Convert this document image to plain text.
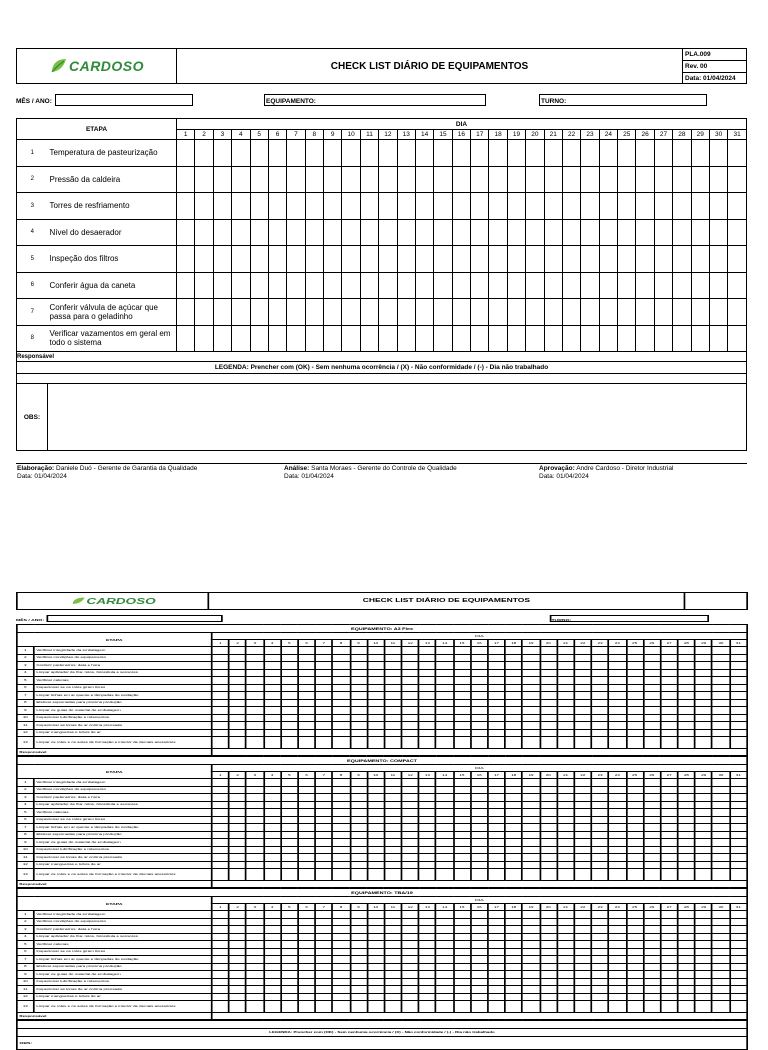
CARDOSO	CHECK LIST DIÁRIO DE EQUIPAMENTOS
PLA.009
Rev. 00
Data: 01/04/2024
MÊS / ANO:	EQUIPAMENTO:	TURNO:
ETAPA		DIA																														
		1	2	3	4	5	6	7	8	9	10	11	12	13	14	15	16	17	18	19	20	21	22	23	24	25	26	27	28	29	30	31
1	Temperatura de pasteurização																															
2	Pressão da caldeira																															
3	Torres de resfriamento																															
4	Nível do desaerador																															
5	Inspeção dos filtros																															
6	Conferir água da caneta																															
7	Conferir válvula de açúcar que passa para o geladinho																															
8	Verificar vazamentos em geral em todo o sistema																															
Responsável																																
LEGENDA: Prencher com (OK) - Sem nenhuma ocorrência / (X) - Não conformidade / (-) - Dia não trabalhado																																

OBS:																																
Elaboração: Daniele Duó - Gerente de Garantia da Qualidade
Data: 01/04/2024
Análise: Santa Moraes - Gerente do Controle de Qualidade
Data: 01/04/2024
Aprovação: Andre Cardoso - Diretor Industrial
Data: 01/04/2024
CARDOSO	CHECK LIST DIÁRIO DE EQUIPAMENTOS
MÊS / ANO:	TURNO:
EQUIPAMENTO: A3 Flex																																
ETAPA		DIA																														
		1	2	3	4	5	6	7	8	9	10	11	12	13	14	15	16	17	18	19	20	21	22	23	24	25	26	27	28	29	30	31
1	Verificar integridade da embalagem																															
2	Verificar condições do equipamento																															
3	Conferir parâmetros: data e hora																															
4	Limpar aplicador de fita: rolos, fotocélula e sensores																															
5	Verificar calunas																															
6	Inspecionar se os rolos giram livres																															
7	Limpar linhas em ar quente e lâmpadas de oxidação																															
8	Efetivar espumadas para próxima produção																															
9	Limpar os guias do material de embalagem																															
10	Inspecionar lubrificação e rolamentos																															
11	Inspecionar as lonas de ar cortina prensada																															
12	Limpar mangueiras e tubos de ar																															
13	Limpar os rolos e os antes de formação e interior de demais acessórios																															
Responsável																																
EQUIPAMENTO: COMPACT																																
ETAPA		DIA																														
		1	2	3	4	5	6	7	8	9	10	11	12	13	14	15	16	17	18	19	20	21	22	23	24	25	26	27	28	29	30	31
1	Verificar integridade da embalagem																															
2	Verificar condições do equipamento																															
3	Conferir parâmetros: data e hora																															
4	Limpar aplicador de fita: rolos, fotocélula e sensores																															
5	Verificar calunas																															
6	Inspecionar se os rolos giram livres																															
7	Limpar linhas em ar quente e lâmpadas de oxidação																															
8	Efetivar espumadas para próxima produção																															
9	Limpar os guias do material de embalagem																															
10	Inspecionar lubrificação e rolamentos																															
11	Inspecionar as lonas de ar cortina prensada																															
12	Limpar mangueiras e tubos de ar																															
13	Limpar os rolos e os antes de formação e interior de demais acessórios																															
Responsável																																
EQUIPAMENTO: TBA/19																																
ETAPA		DIA																														
		1	2	3	4	5	6	7	8	9	10	11	12	13	14	15	16	17	18	19	20	21	22	23	24	25	26	27	28	29	30	31
1	Verificar integridade da embalagem																															
2	Verificar condições do equipamento																															
3	Conferir parâmetros: data e hora																															
4	Limpar aplicador de fita: rolos, fotocélula e sensores																															
5	Verificar calunas																															
6	Inspecionar se os rolos giram livres																															
7	Limpar linhas em ar quente e lâmpadas de oxidação																															
8	Efetivar espumadas para próxima produção																															
9	Limpar os guias do material de embalagem																															
10	Inspecionar lubrificação e rolamentos																															
11	Inspecionar as lonas de ar cortina prensada																															
12	Limpar mangueiras e tubos de ar																															
13	Limpar os rolos e os antes de formação e interior de demais acessórios																															
Responsável																																

LEGENDA: Prencher com (OK) - Sem nenhuma ocorrência / (X) - Não conformidade / (-) - Dia não trabalhado
OBS:
